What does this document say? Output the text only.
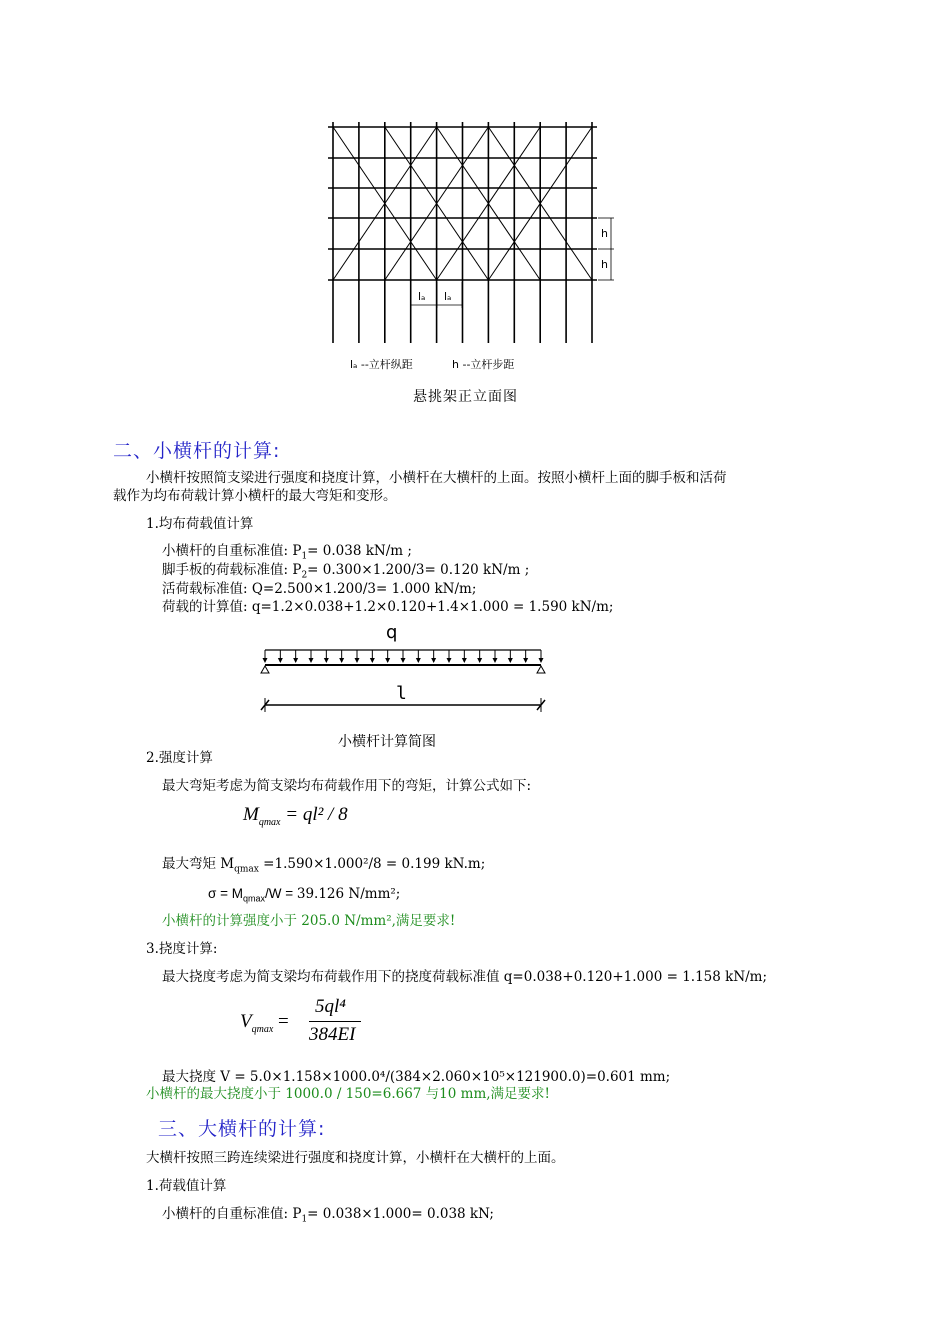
lₐ --立杆纵距	h --立杆步距
h
h
lₐ lₐ
悬挑架正立面图
二、小横杆的计算:
小横杆按照简支梁进行强度和挠度计算，小横杆在大横杆的上面。按照小横杆上面的脚手板和活荷
载作为均布荷载计算小横杆的最大弯矩和变形。
1.均布荷载值计算
小横杆的自重标准值: $P_1= 0.038$ kN/m ;
脚手板的荷载标准值: $P_2= 0.300\times 1.200/3= 0.120$ kN/m ;
活荷载标准值: Q=2.500×1.200/3= 1.000 kN/m;
荷载的计算值: q=1.2×0.038+1.2×0.120+1.4×1.000 = 1.590 kN/m;
q
l
小横杆计算简图
2.强度计算
最大弯矩考虑为简支梁均布荷载作用下的弯矩，计算公式如下:
$M_{qmax} = ql^2 / 8$
最大弯矩 $M_{qmax} =1.590\times 1.000^2/8 = 0.199$ kN.m;
$\sigma = M_{qmax}/W = 39.126$ N/mm²;
小横杆的计算强度小于 205.0 N/mm²,满足要求!
3.挠度计算:
最大挠度考虑为简支梁均布荷载作用下的挠度荷载标准值 q=0.038+0.120+1.000 = 1.158 kN/m;
$V_{qmax}$ =
5ql⁴
384EI
最大挠度 V = 5.0×1.158×1000.0⁴/(384×2.060×10⁵×121900.0)=0.601 mm;
小横杆的最大挠度小于 1000.0 / 150=6.667 与10 mm,满足要求!
三、大横杆的计算:
大横杆按照三跨连续梁进行强度和挠度计算，小横杆在大横杆的上面。
1.荷载值计算
小横杆的自重标准值: $P_1= 0.038\times 1.000= 0.038$ kN;
